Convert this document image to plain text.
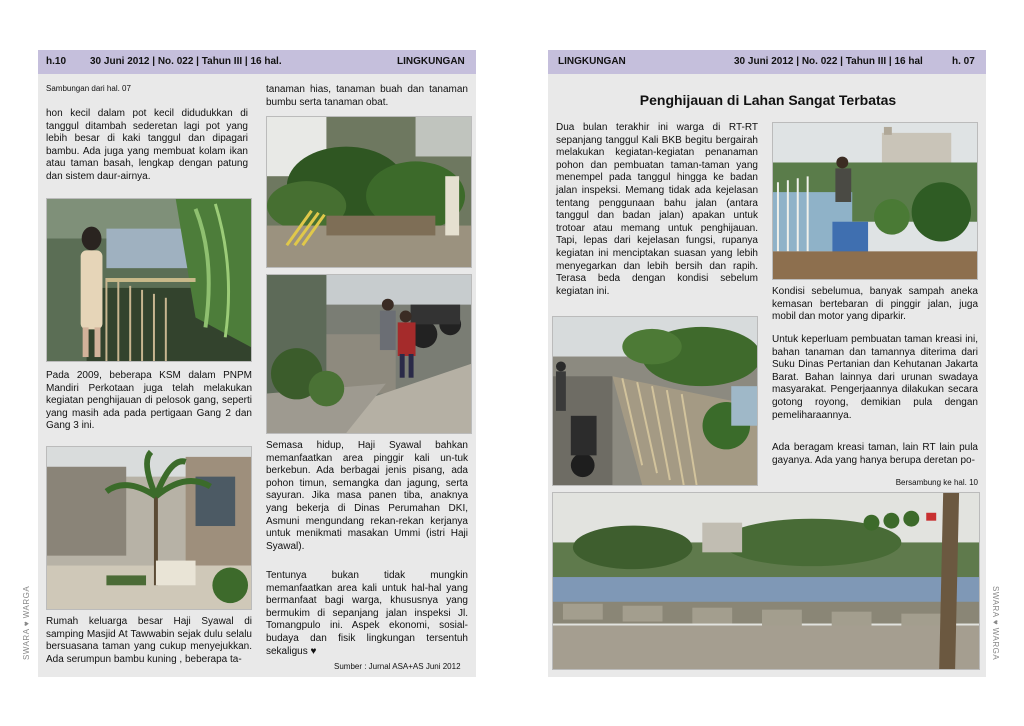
h.10 30 Juni 2012 | No. 022 | Tahun III | 16 hal.	LINGKUNGAN
Sambungan dari hal. 07
hon kecil dalam pot kecil didudukkan di tanggul ditambah sederetan lagi pot yang lebih besar di kaki tanggul dan dipagari bambu. Ada juga yang membuat kolam ikan atau taman basah, lengkap dengan patung dan sistem daur-airnya.
Pada 2009, beberapa KSM dalam PNPM Mandiri Perkotaan juga telah melakukan kegiatan penghijauan di pelosok gang, seperti yang masih ada pada pertigaan Gang 2 dan Gang 3 ini.
Rumah keluarga besar Haji Syawal di samping Masjid At Tawwabin sejak dulu selalu bersuasana taman yang cukup menyejukkan. Ada serumpun bambu kuning , beberapa ta-
tanaman hias, tanaman buah dan tanaman bumbu serta tanaman obat.
Semasa hidup, Haji Syawal bahkan memanfaatkan area pinggir kali un-tuk berkebun. Ada berbagai jenis pisang, ada pohon timun, semangka dan jagung, serta sayuran. Jika masa panen tiba, anaknya yang bekerja di Dinas Perumahan DKI, Asmuni mengundang rekan-rekan kerjanya untuk menikmati masakan Ummi (istri Haji Syawal).
Tentunya bukan tidak mungkin memanfaatkan area kali untuk hal-hal yang bermanfaat bagi warga, khususnya yang bermukim di sepanjang jalan inspeksi Jl. Tomangpulo ini. Aspek ekonomi, sosial-budaya dan fisik lingkungan tersentuh sekaligus ♥
Sumber : Jurnal ASA+AS Juni 2012
SWARA ♥ WARGA
LINGKUNGAN	30 Juni 2012 | No. 022 | Tahun III | 16 hal	h. 07
Penghijauan di Lahan Sangat Terbatas
Dua bulan terakhir ini warga di RT-RT sepanjang tanggul Kali BKB begitu bergairah melakukan kegiatan-kegiatan penanaman pohon dan pembuatan taman-taman yang menempel pada tanggul hingga ke badan jalan inspeksi. Memang tidak ada kejelasan tentang penggunaan bahu jalan (antara tanggul dan badan jalan) apakan untuk trotoar atau memang untuk penghijauan. Tapi, lepas dari kejelasan fungsi, rupanya kegiatan ini menciptakan suasan yang lebih menyegarkan dan lebih bersih dan rapih. Terasa beda dengan kondisi sebelum kegiatan ini.	Kondisi sebelumua, banyak sampah aneka kemasan bertebaran di pinggir jalan, juga mobil dan motor yang diparkir.
Untuk keperluam pembuatan taman kreasi ini, bahan tanaman dan tamannya diterima dari Suku Dinas Pertanian dan Kehutanan Jakarta Barat. Bahan lainnya dari urunan swadaya masyarakat. Pengerjaannya dilakukan secara gotong royong, demikian pula dengan pemeliharaannya.
Ada beragam kreasi taman, lain RT lain pula gayanya. Ada yang hanya berupa deretan po-
Bersambung ke hal. 10
SWARA ♥ WARGA
